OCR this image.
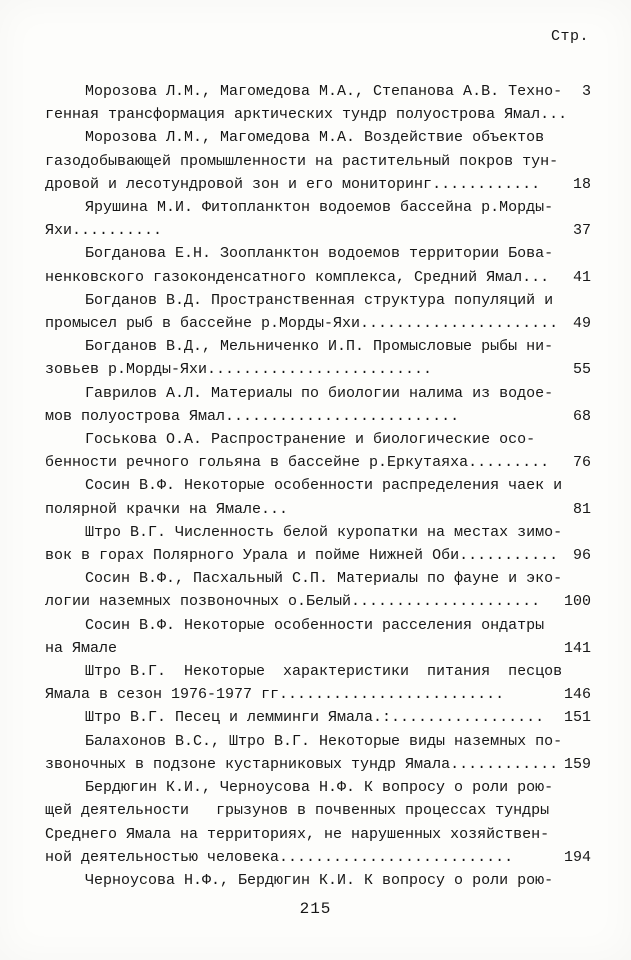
Стр.
Морозова Л.М., Магомедова М.А., Степанова А.В. Техно-	3
генная трансформация арктических тундр полуострова Ямал...
Морозова Л.М., Магомедова М.А. Воздействие объектов
газодобывающей промышленности на растительный покров тун-
дровой и лесотундровой зон и его мониторинг............	18
Ярушина М.И. Фитопланктон водоемов бассейна р.Морды-
Яхи..........	37
Богданова Е.Н. Зоопланктон водоемов территории Бова-
ненковского газоконденсатного комплекса, Средний Ямал...	41
Богданов В.Д. Пространственная структура популяций и
промысел рыб в бассейне р.Морды-Яхи...................... 49
Богданов В.Д., Мельниченко И.П. Промысловые рыбы ни-
зовьев р.Морды-Яхи.........................	55
Гаврилов А.Л. Материалы по биологии налима из водое-
мов полуострова Ямал..........................	68
Госькова О.А. Распространение и биологические осо-
бенности речного гольяна в бассейне р.Еркутаяха.........	76
Сосин В.Ф. Некоторые особенности распределения чаек и
полярной крачки на Ямале...	81
Штро В.Г. Численность белой куропатки на местах зимо-
вок в горах Полярного Урала и пойме Нижней Оби........... 96
Сосин В.Ф., Пасхальный С.П. Материалы по фауне и эко-
логии наземных позвоночных о.Белый.....................	100
Сосин В.Ф. Некоторые особенности расселения ондатры
на Ямале	141
Штро В.Г.  Некоторые  характеристики  питания  песцов
Ямала в сезон 1976-1977 гг.........................	146
Штро В.Г. Песец и лемминги Ямала.:.................	151
Балахонов В.С., Штро В.Г. Некоторые виды наземных по-
звоночных в подзоне кустарниковых тундр Ямала............ 159
Бердюгин К.И., Черноусова Н.Ф. К вопросу о роли рою-
щей деятельности   грызунов в почвенных процессах тундры
Среднего Ямала на территориях, не нарушенных хозяйствен-
ной деятельностью человека..........................	194
Черноусова Н.Ф., Бердюгин К.И. К вопросу о роли рою-
215
